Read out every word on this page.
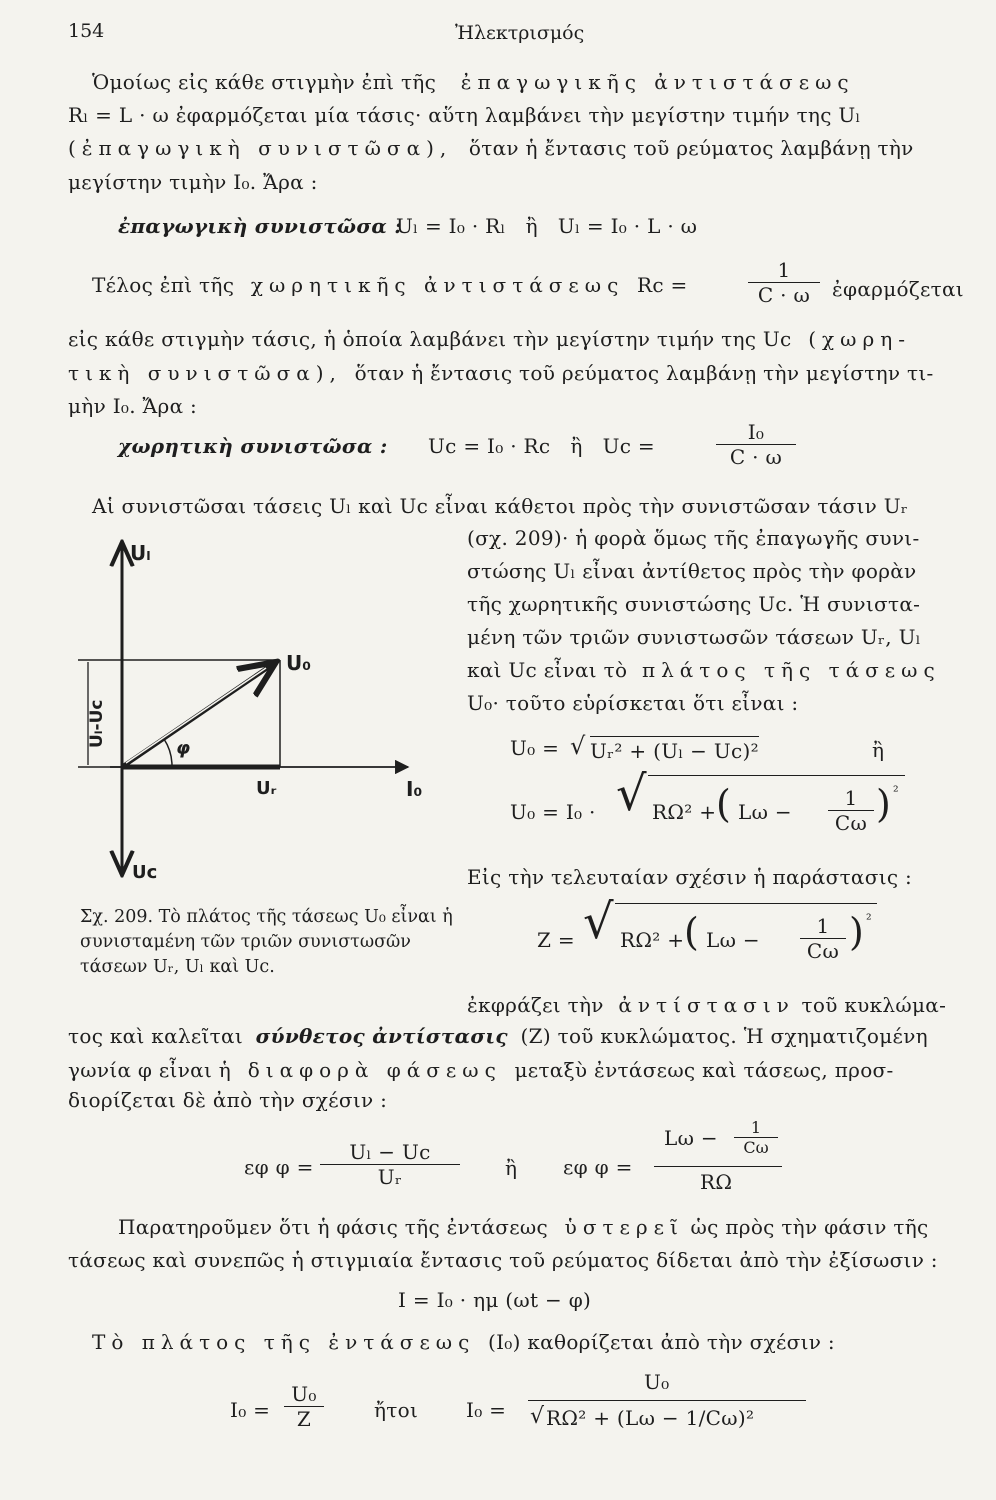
154	Ἠλεκτρισμός
Ὁμοίως εἰς κάθε στιγμὴν ἐπὶ τῆς ἐπαγωγικῆς ἀντιστάσεως
Rₗ = L · ω ἐφαρμόζεται μία τάσις· αὕτη λαμβάνει τὴν μεγίστην τιμήν της Uₗ
(ἐπαγωγικὴ συνιστῶσα), ὅταν ἡ ἔντασις τοῦ ρεύματος λαμβάνῃ τὴν
μεγίστην τιμὴν I₀. Ἄρα :
ἐπαγωγικὴ συνιστῶσα :
Uₗ = I₀ · Rₗ   ἢ   Uₗ = I₀ · L · ω
Τέλος ἐπὶ τῆς χωρητικῆς ἀντιστάσεως Rc =	$\frac{1}{C \cdot \omega}$ ἐφαρμόζεται
εἰς κάθε στιγμὴν τάσις, ἡ ὁποία λαμβάνει τὴν μεγίστην τιμήν της Uc (χωρη-
τικὴ συνιστῶσα), ὅταν ἡ ἔντασις τοῦ ρεύματος λαμβάνῃ τὴν μεγίστην τι-
μὴν I₀. Ἄρα :
χωρητικὴ συνιστῶσα : Uc = I₀ · Rc   ἢ   Uc =	$\frac{\text{I₀}}{C \cdot \omega}$
Αἱ συνιστῶσαι τάσεις Uₗ καὶ Uc εἶναι κάθετοι πρὸς τὴν συνιστῶσαν τάσιν Uᵣ
(σχ. 209)· ἡ φορὰ ὅμως τῆς ἐπαγωγῆς συνι-
στώσης Uₗ εἶναι ἀντίθετος πρὸς τὴν φορὰν
τῆς χωρητικῆς συνιστώσης Uc. Ἡ συνιστα-
μένη τῶν τριῶν συνιστωσῶν τάσεων Uᵣ, Uₗ
καὶ Uc εἶναι τὸ πλάτος τῆς τάσεως
U₀· τοῦτο εὑρίσκεται ὅτι εἶναι :
U₀ = √ Uᵣ² + (Uₗ − Uc)²	ἢ
U₀ = I₀ · √ RΩ² + ( $L\omega - \frac{1}{C\omega}$ ) ²
Εἰς τὴν τελευταίαν σχέσιν ἡ παράστασις :
Z = √ RΩ² + ( $L\omega - \frac{1}{C\omega}$ ) ²
Uₗ
Uc
U₀
Uᵣ	I₀
φ
Uₗ-Uc
Σχ. 209. Τὸ πλάτος τῆς τάσεως U₀ εἶναι ἡ συνισταμένη τῶν τριῶν συνιστωσῶν τάσεων Uᵣ, Uₗ καὶ Uc.
ἐκφράζει τὴν ἀντίστασιν τοῦ κυκλώμα-
τος καὶ καλεῖται σύνθετος ἀντίστασις (Z) τοῦ κυκλώματος. Ἡ σχηματιζομένη
γωνία φ εἶναι ἡ διαφορὰ φάσεως μεταξὺ ἐντάσεως καὶ τάσεως, προσ-
διορίζεται δὲ ἀπὸ τὴν σχέσιν :
εφ $\varphi = \frac{\text{Uₗ − Uc}}{\text{Uᵣ}}$ ἢ εφ φ =
$L\omega - \frac{1}{C\omega}$
RΩ
Παρατηροῦμεν ὅτι ἡ φάσις τῆς ἐντάσεως ὑστερεῖ ὡς πρὸς τὴν φάσιν τῆς
τάσεως καὶ συνεπῶς ἡ στιγμιαία ἔντασις τοῦ ρεύματος δίδεται ἀπὸ τὴν ἐξίσωσιν :
I = I₀ · ημ (ωt − φ)
Τὸ πλάτος τῆς ἐντάσεως (I₀) καθορίζεται ἀπὸ τὴν σχέσιν :
$I_0 = \frac{\text{U₀}}{Z}$	ἤτοι I₀ =
U₀
√ RΩ² + (Lω − 1/Cω)²
